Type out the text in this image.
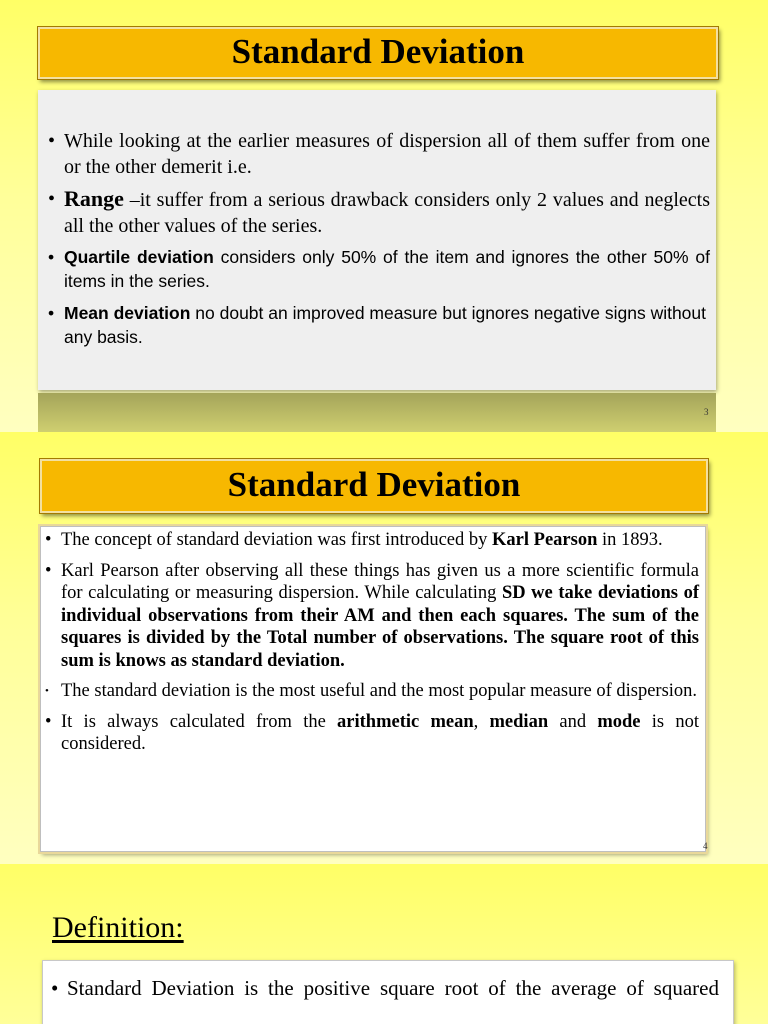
Standard Deviation
• While looking at the earlier measures of dispersion all of them suffer from one or the other demerit i.e.
• Range –it suffer from a serious drawback considers only 2 values and neglects all the other values of the series.
• Quartile deviation considers only 50% of the item and ignores the other 50% of items in the series.
• Mean deviation no doubt an improved measure but ignores negative signs without any basis.
3
Standard Deviation
• The concept of standard deviation was first introduced by Karl Pearson in 1893.
• Karl Pearson after observing all these things has given us a more scientific formula for calculating or measuring dispersion. While calculating SD we take deviations of individual observations from their AM and then each squares. The sum of the squares is divided by the Total number of observations. The square root of this sum is knows as standard deviation.
• The standard deviation is the most useful and the most popular measure of dispersion.
• It is always calculated from the arithmetic mean, median and mode is not considered.
4
Definition:
• Standard Deviation is the positive square root of the average of squared
